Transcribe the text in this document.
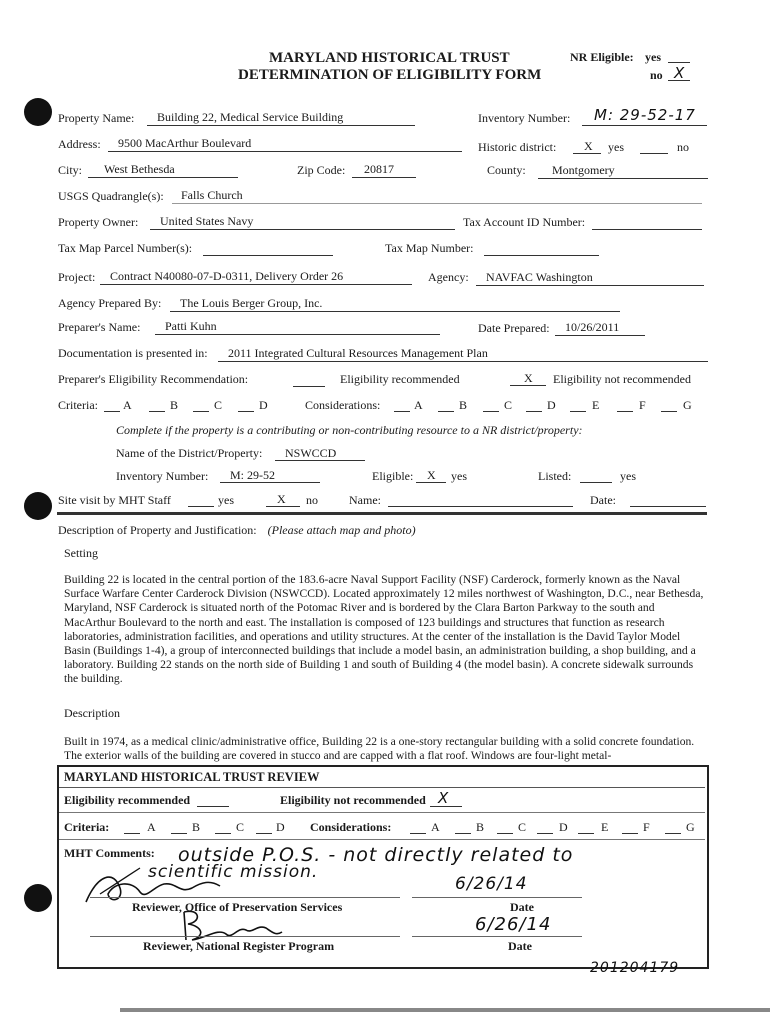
MARYLAND HISTORICAL TRUST
DETERMINATION OF ELIGIBILITY FORM
NR Eligible: yes
no X
Property Name: Building 22, Medical Service Building	Inventory Number: M: 29-52-17
Address: 9500 MacArthur Boulevard	Historic district: X yes	no
City: West Bethesda	Zip Code: 20817	County: Montgomery
USGS Quadrangle(s): Falls Church
Property Owner: United States Navy	Tax Account ID Number:
Tax Map Parcel Number(s):	Tax Map Number:
Project: Contract N40080-07-D-0311, Delivery Order 26	Agency: NAVFAC Washington
Agency Prepared By: The Louis Berger Group, Inc.
Preparer's Name: Patti Kuhn	Date Prepared: 10/26/2011
Documentation is presented in: 2011 Integrated Cultural Resources Management Plan
Preparer's Eligibility Recommendation:	Eligibility recommended	X Eligibility not recommended
Criteria: A	B	C	D	Considerations:	A	B	C	D	E	F	G
Complete if the property is a contributing or non-contributing resource to a NR district/property:
Name of the District/Property: NSWCCD
Inventory Number: M: 29-52	Eligible: X yes	Listed:	yes
Site visit by MHT Staff	yes	X no	Name:	Date:
Description of Property and Justification: (Please attach map and photo)
Setting
Building 22 is located in the central portion of the 183.6-acre Naval Support Facility (NSF) Carderock, formerly known as the Naval Surface Warfare Center Carderock Division (NSWCCD). Located approximately 12 miles northwest of Washington, D.C., near Bethesda, Maryland, NSF Carderock is situated north of the Potomac River and is bordered by the Clara Barton Parkway to the south and MacArthur Boulevard to the north and east. The installation is composed of 123 buildings and structures that function as research laboratories, administration facilities, and operations and utility structures. At the center of the installation is the David Taylor Model Basin (Buildings 1-4), a group of interconnected buildings that include a model basin, an administration building, a shop building, and a laboratory. Building 22 stands on the north side of Building 1 and south of Building 4 (the model basin). A concrete sidewalk surrounds the building.
Description
Built in 1974, as a medical clinic/administrative office, Building 22 is a one-story rectangular building with a solid concrete foundation. The exterior walls of the building are covered in stucco and are capped with a flat roof. Windows are four-light metal-
MARYLAND HISTORICAL TRUST REVIEW
Eligibility recommended	Eligibility not recommended X
Criteria:	A	B	C	D Considerations:	A	B	C	D	E	F	G
MHT Comments: outside P.O.S. - not directly related to
scientific mission.
6/26/14
Reviewer, Office of Preservation Services	Date
6/26/14
Reviewer, National Register Program	Date
201204179
